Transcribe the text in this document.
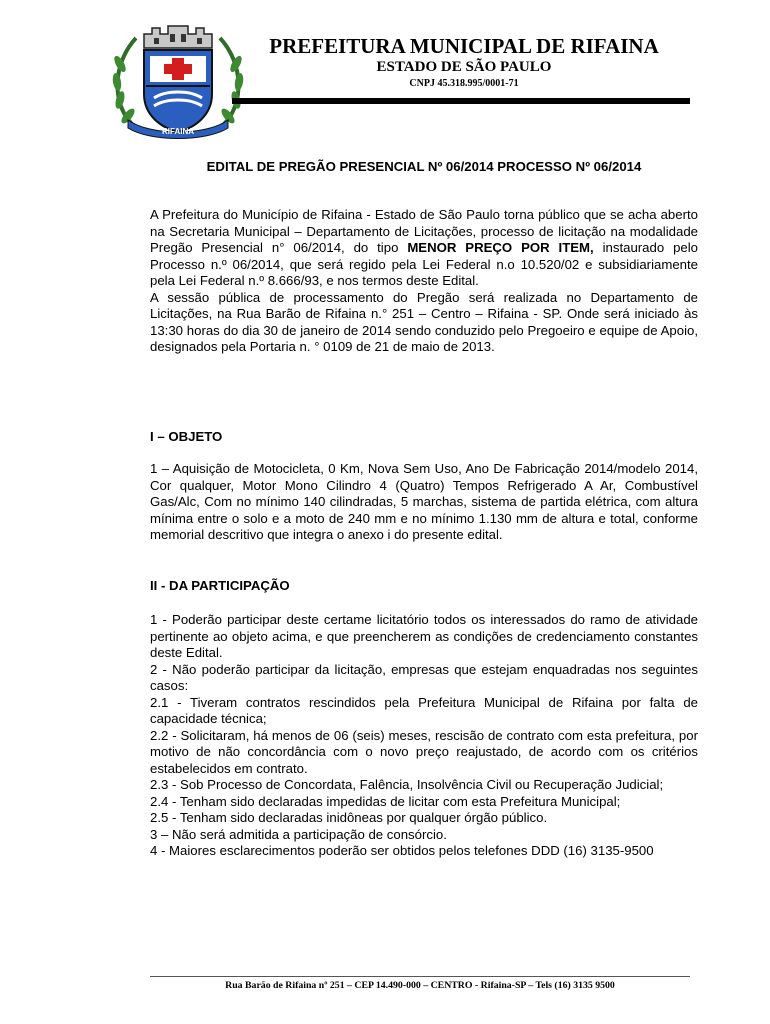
RIFAINA
PREFEITURA MUNICIPAL DE RIFAINA
ESTADO DE SÃO PAULO
CNPJ 45.318.995/0001-71
EDITAL DE PREGÃO PRESENCIAL Nº 06/2014 PROCESSO Nº 06/2014

A Prefeitura do Município de Rifaina - Estado de São Paulo torna público que se acha aberto na Secretaria Municipal – Departamento de Licitações, processo de licitação na modalidade Pregão Presencial n° 06/2014, do tipo MENOR PREÇO POR ITEM, instaurado pelo Processo n.º 06/2014, que será regido pela Lei Federal n.o 10.520/02 e subsidiariamente pela Lei Federal n.º 8.666/93, e nos termos deste Edital.

A sessão pública de processamento do Pregão será realizada no Departamento de Licitações, na Rua Barão de Rifaina n.° 251 – Centro – Rifaina - SP. Onde será iniciado às 13:30 horas do dia 30 de janeiro de 2014 sendo conduzido pelo Pregoeiro e equipe de Apoio, designados pela Portaria n. ° 0109 de 21 de maio de 2013.

I – OBJETO

1 – Aquisição de Motocicleta, 0 Km, Nova Sem Uso, Ano De Fabricação 2014/modelo 2014, Cor qualquer, Motor Mono Cilindro 4 (Quatro) Tempos Refrigerado A Ar, Combustível Gas/Alc, Com no mínimo 140 cilindradas, 5 marchas, sistema de partida elétrica, com altura mínima entre o solo e a moto de 240 mm e no mínimo 1.130 mm de altura e total, conforme memorial descritivo que integra o anexo i do presente edital.

II - DA PARTICIPAÇÃO

1 - Poderão participar deste certame licitatório todos os interessados do ramo de atividade pertinente ao objeto acima, e que preencherem as condições de credenciamento constantes deste Edital.

2 - Não poderão participar da licitação, empresas que estejam enquadradas nos seguintes casos:

2.1 - Tiveram contratos rescindidos pela Prefeitura Municipal de Rifaina por falta de capacidade técnica;

2.2 - Solicitaram, há menos de 06 (seis) meses, rescisão de contrato com esta prefeitura, por motivo de não concordância com o novo preço reajustado, de acordo com os critérios estabelecidos em contrato.

2.3 - Sob Processo de Concordata, Falência, Insolvência Civil ou Recuperação Judicial;

2.4 - Tenham sido declaradas impedidas de licitar com esta Prefeitura Municipal;

2.5 - Tenham sido declaradas inidôneas por qualquer órgão público.

3 – Não será admitida a participação de consórcio.

4 - Maiores esclarecimentos poderão ser obtidos pelos telefones DDD (16) 3135-9500

Rua Barão de Rifaina nº 251 – CEP 14.490-000 – CENTRO - Rifaina-SP – Tels (16) 3135 9500
